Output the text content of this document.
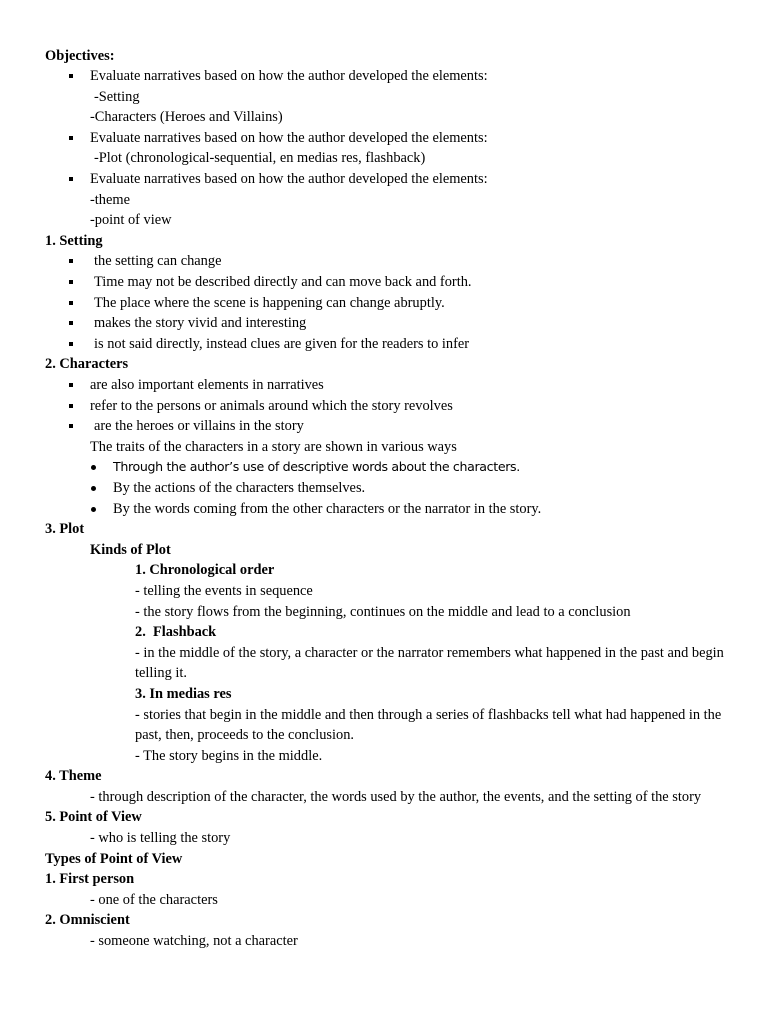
Objectives:
Evaluate narratives based on how the author developed the elements:
-Setting
-Characters (Heroes and Villains)
Evaluate narratives based on how the author developed the elements:
-Plot (chronological-sequential, en medias res, flashback)
Evaluate narratives based on how the author developed the elements:
-theme
-point of view
1. Setting
the setting can change
Time may not be described directly and can move back and forth.
The place where the scene is happening can change abruptly.
makes the story vivid and interesting
is not said directly, instead clues are given for the readers to infer
2. Characters
are also important elements in narratives
refer to the persons or animals around which the story revolves
are the heroes or villains in the story
The traits of the characters in a story are shown in various ways
Through the author’s use of descriptive words about the characters.
By the actions of the characters themselves.
By the words coming from the other characters or the narrator in the story.
3. Plot
Kinds of Plot
1. Chronological order
- telling the events in sequence
- the story flows from the beginning, continues on the middle and lead to a conclusion
2.  Flashback
- in the middle of the story, a character or the narrator remembers what happened in the past and begin telling it.
3. In medias res
- stories that begin in the middle and then through a series of flashbacks tell what had happened in the past, then, proceeds to the conclusion.
- The story begins in the middle.
4. Theme
- through description of the character, the words used by the author, the events, and the setting of the story
5. Point of View
- who is telling the story
Types of Point of View
1. First person
- one of the characters
2. Omniscient
- someone watching, not a character
